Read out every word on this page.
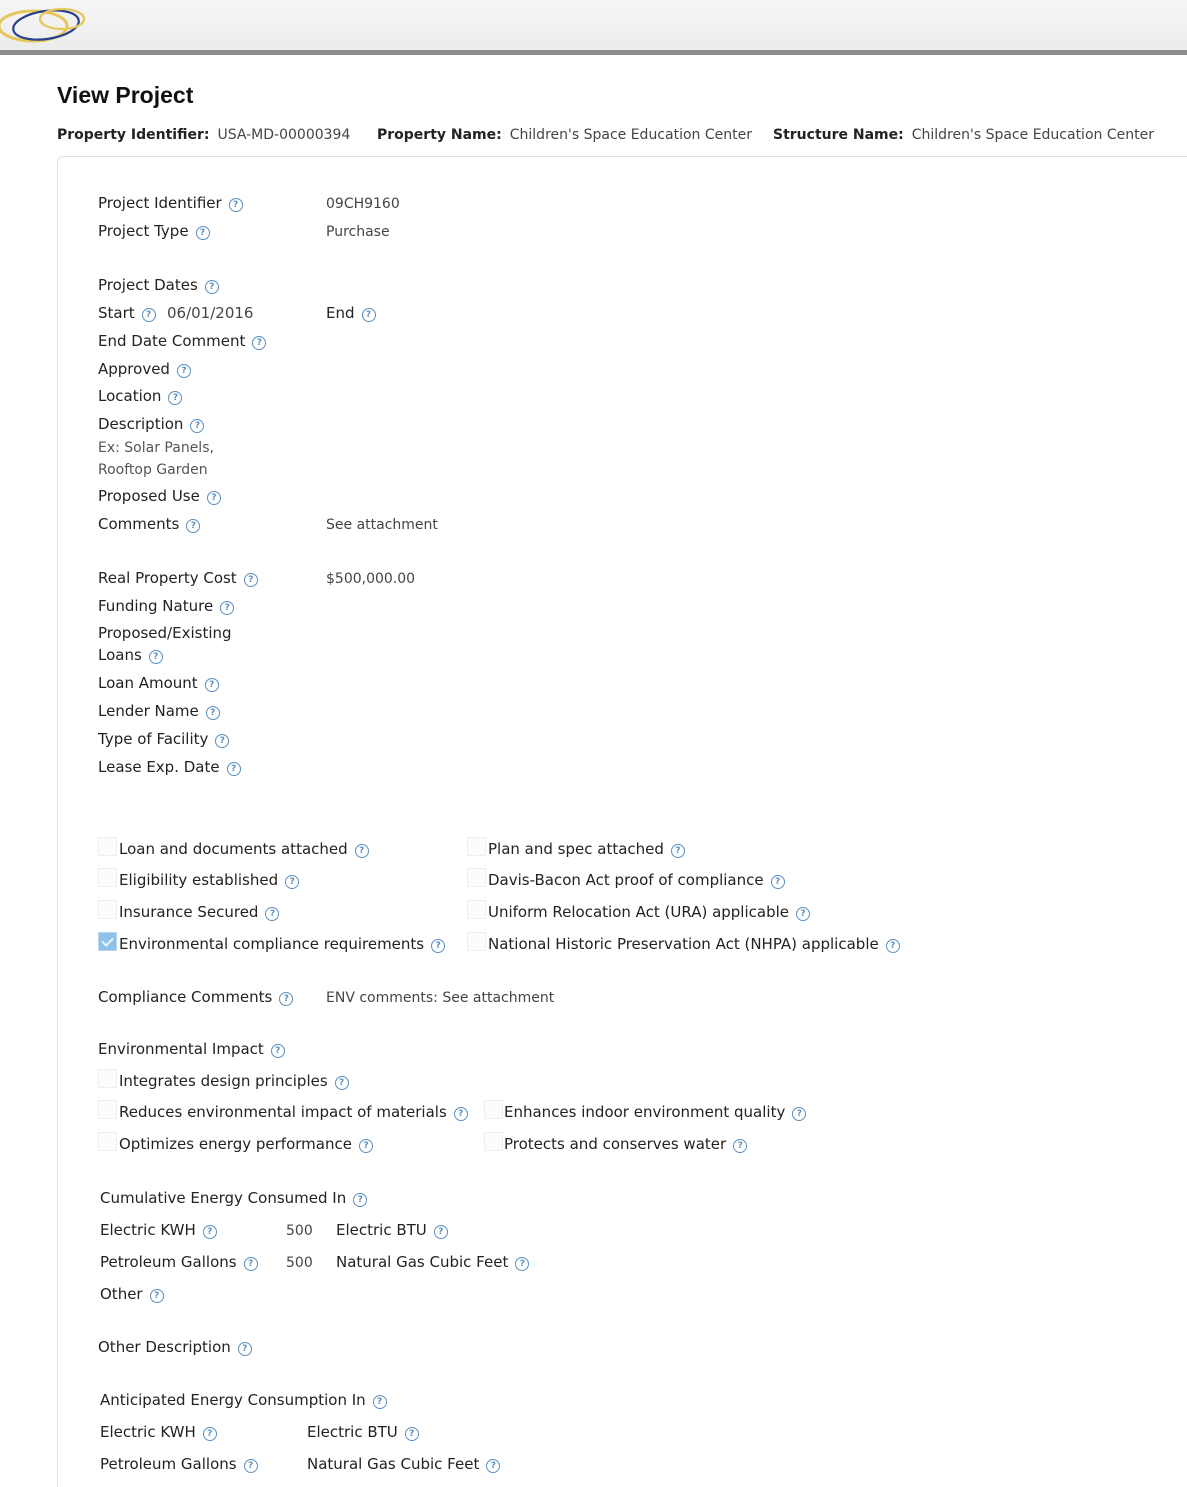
View Project
Property Identifier: USA-MD-00000394 Property Name: Children's Space Education Center Structure Name: Children's Space Education Center
Project Identifier ?	09CH9160
Project Type ?	Purchase
Project Dates ?
Start ? 06/01/2016	End ?
End Date Comment ?
Approved ?
Location ?
Description ?
Ex: Solar Panels,
Rooftop Garden
Proposed Use ?
Comments ?	See attachment
Real Property Cost ?	$500,000.00
Funding Nature ?
Proposed/Existing
Loans ?
Loan Amount ?
Lender Name ?
Type of Facility ?
Lease Exp. Date ?
Loan and documents attached ?	Plan and spec attached ?
Eligibility established ?	Davis-Bacon Act proof of compliance ?
Insurance Secured ?	Uniform Relocation Act (URA) applicable ?
Environmental compliance requirements ?	National Historic Preservation Act (NHPA) applicable ?
Compliance Comments ?	ENV comments: See attachment
Environmental Impact ?
Integrates design principles ?
Reduces environmental impact of materials ?	Enhances indoor environment quality ?
Optimizes energy performance ?	Protects and conserves water ?
Cumulative Energy Consumed In ?
Electric KWH ?	500 Electric BTU ?
Petroleum Gallons ?	500 Natural Gas Cubic Feet ?
Other ?
Other Description ?
Anticipated Energy Consumption In ?
Electric KWH ?	Electric BTU ?
Petroleum Gallons ?	Natural Gas Cubic Feet ?
